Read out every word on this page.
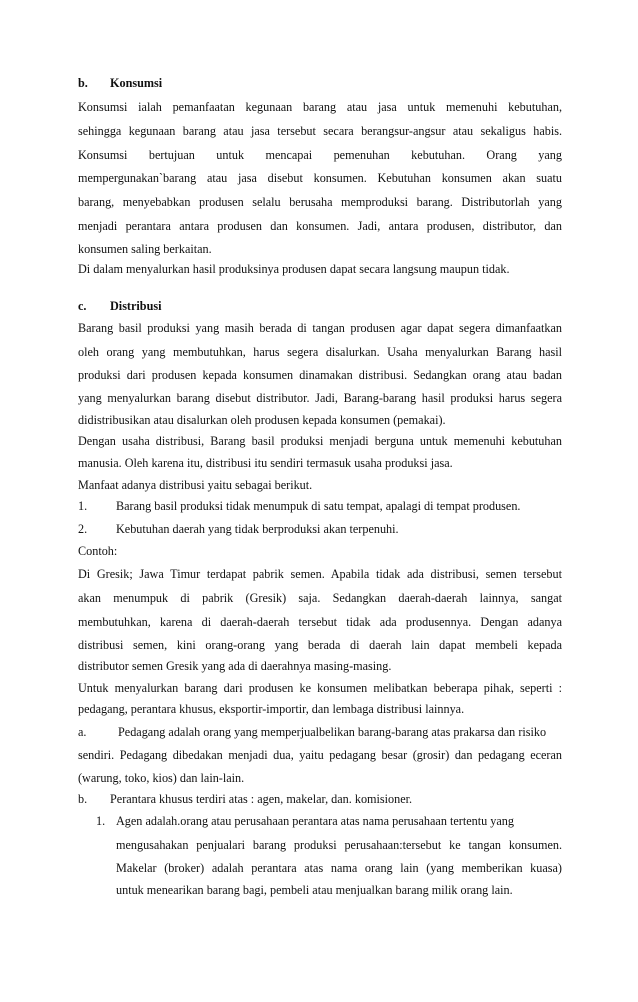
b. Konsumsi
Konsumsi ialah pemanfaatan kegunaan barang atau jasa untuk memenuhi kebutuhan,
sehingga kegunaan barang atau jasa tersebut secara berangsur-angsur atau sekaligus habis.
Konsumsi bertujuan untuk mencapai pemenuhan kebutuhan. Orang yang
mempergunakan`barang atau jasa disebut konsumen. Kebutuhan konsumen akan suatu
barang, menyebabkan produsen selalu berusaha memproduksi barang. Distributorlah yang
menjadi perantara antara produsen dan konsumen. Jadi, antara produsen, distributor, dan
konsumen saling berkaitan.
Di dalam menyalurkan hasil produksinya produsen dapat secara langsung maupun tidak.
c. Distribusi
Barang basil produksi yang masih berada di tangan produsen agar dapat segera dimanfaatkan
oleh orang yang membutuhkan, harus segera disalurkan. Usaha menyalurkan Barang hasil
produksi dari produsen kepada konsumen dinamakan distribusi. Sedangkan orang atau badan
yang menyalurkan barang disebut distributor. Jadi, Barang-barang hasil produksi harus segera
didistribusikan atau disalurkan oleh produsen kepada konsumen (pemakai).
Dengan usaha distribusi, Barang basil produksi menjadi berguna untuk memenuhi kebutuhan
manusia. Oleh karena itu, distribusi itu sendiri termasuk usaha produksi jasa.
Manfaat adanya distribusi yaitu sebagai berikut.
1. Barang basil produksi tidak menumpuk di satu tempat, apalagi di tempat produsen.
2. Kebutuhan daerah yang tidak berproduksi akan terpenuhi.
Contoh:
Di Gresik; Jawa Timur terdapat pabrik semen. Apabila tidak ada distribusi, semen tersebut
akan menumpuk di pabrik (Gresik) saja. Sedangkan daerah-daerah lainnya, sangat
membutuhkan, karena di daerah-daerah tersebut tidak ada produsennya. Dengan adanya
distribusi semen, kini orang-orang yang berada di daerah lain dapat membeli kepada
distributor semen Gresik yang ada di daerahnya masing-masing.
Untuk menyalurkan barang dari produsen ke konsumen melibatkan beberapa pihak, seperti :
pedagang, perantara khusus, eksportir-importir, dan lembaga distribusi lainnya.
a.	Pedagang adalah orang yang memperjualbelikan barang-barang atas prakarsa dan risiko
sendiri. Pedagang dibedakan menjadi dua, yaitu pedagang besar (grosir) dan pedagang eceran
(warung, toko, kios) dan lain-lain.
b. Perantara khusus terdiri atas : agen, makelar, dan. komisioner.
1. Agen adalah.orang atau perusahaan perantara atas nama perusahaan tertentu yang
mengusahakan penjualari barang produksi perusahaan:tersebut ke tangan konsumen.
Makelar (broker) adalah perantara atas nama orang lain (yang memberikan kuasa)
untuk menearikan barang bagi, pembeli atau menjualkan barang milik orang lain.
